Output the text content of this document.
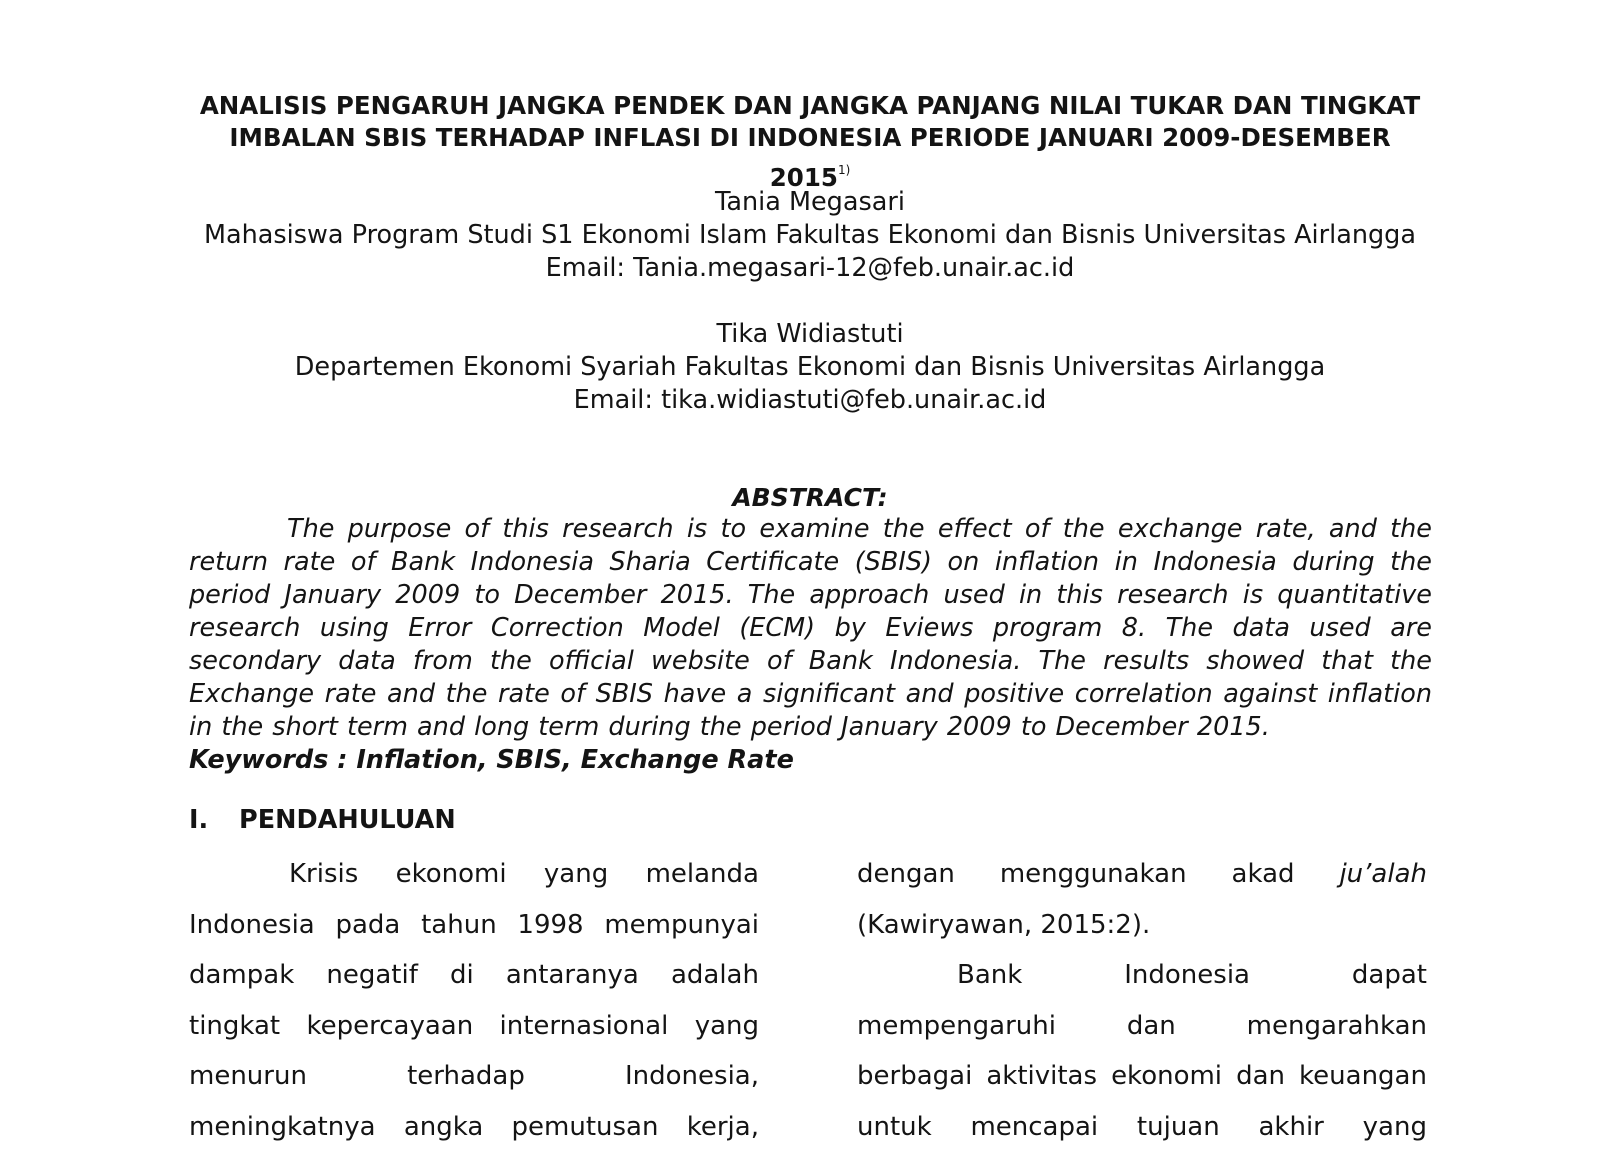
ANALISIS PENGARUH JANGKA PENDEK DAN JANGKA PANJANG NILAI TUKAR DAN TINGKAT
IMBALAN SBIS TERHADAP INFLASI DI INDONESIA PERIODE JANUARI 2009-DESEMBER 2015$^{1)}$
Tania Megasari
Mahasiswa Program Studi S1 Ekonomi Islam Fakultas Ekonomi dan Bisnis Universitas Airlangga
Email: Tania.megasari-12@feb.unair.ac.id
Tika Widiastuti
Departemen Ekonomi Syariah Fakultas Ekonomi dan Bisnis Universitas Airlangga
Email: tika.widiastuti@feb.unair.ac.id
ABSTRACT:
The purpose of this research is to examine the effect of the exchange rate, and the return rate of Bank Indonesia Sharia Certificate (SBIS) on inflation in Indonesia during the period January 2009 to December 2015. The approach used in this research is quantitative research using Error Correction Model (ECM) by Eviews program 8. The data used are secondary data from the official website of Bank Indonesia. The results showed that the Exchange rate and the rate of SBIS have a significant and positive correlation against inflation in the short term and long term during the period January 2009 to December 2015.
Keywords : Inflation, SBIS, Exchange Rate
I. PENDAHULUAN
Krisis ekonomi yang melanda
Indonesia pada tahun 1998 mempunyai
dampak negatif di antaranya adalah
tingkat kepercayaan internasional yang
menurun	terhadap	Indonesia,
meningkatnya angka pemutusan kerja,
dengan menggunakan akad ju’alah
(Kawiryawan, 2015:2).
Bank	Indonesia	dapat
mempengaruhi	dan	mengarahkan
berbagai aktivitas ekonomi dan keuangan
untuk mencapai tujuan akhir yang
